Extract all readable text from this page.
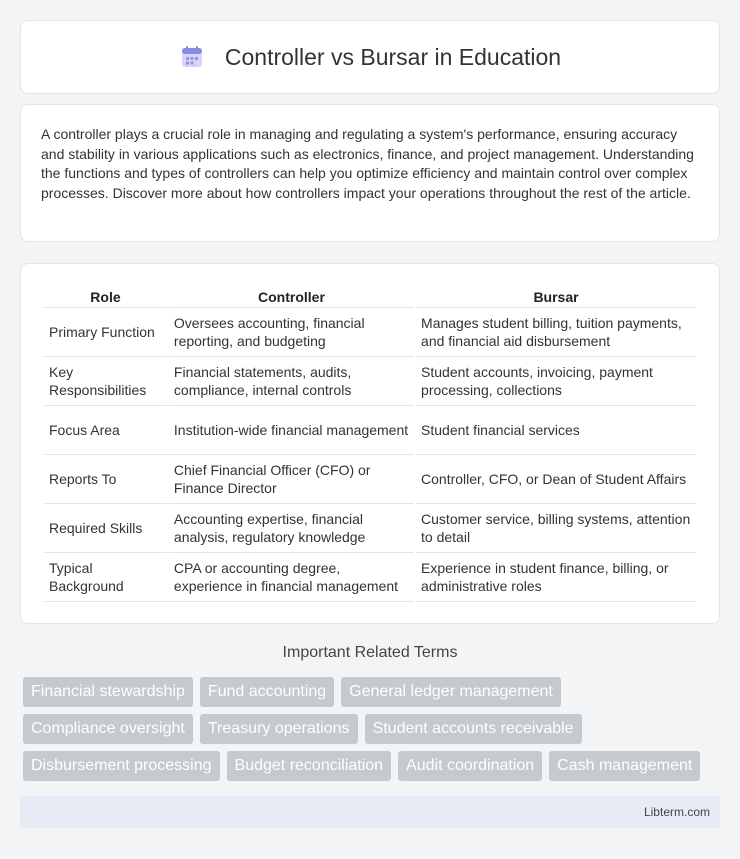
Controller vs Bursar in Education

A controller plays a crucial role in managing and regulating a system's performance, ensuring accuracy and stability in various applications such as electronics, finance, and project management. Understanding the functions and types of controllers can help you optimize efficiency and maintain control over complex processes. Discover more about how controllers impact your operations throughout the rest of the article.

Role	Controller	Bursar
Primary Function	Oversees accounting, financial reporting, and budgeting	Manages student billing, tuition payments, and financial aid disbursement
Key Responsibilities	Financial statements, audits, compliance, internal controls	Student accounts, invoicing, payment processing, collections
Focus Area	Institution-wide financial management	Student financial services
Reports To	Chief Financial Officer (CFO) or Finance Director	Controller, CFO, or Dean of Student Affairs
Required Skills	Accounting expertise, financial analysis, regulatory knowledge	Customer service, billing systems, attention to detail
Typical Background	CPA or accounting degree, experience in financial management	Experience in student finance, billing, or administrative roles
Important Related Terms
Financial stewardship	Fund accounting	General ledger management
Compliance oversight	Treasury operations	Student accounts receivable
Disbursement processing	Budget reconciliation	Audit coordination	Cash management
Libterm.com
